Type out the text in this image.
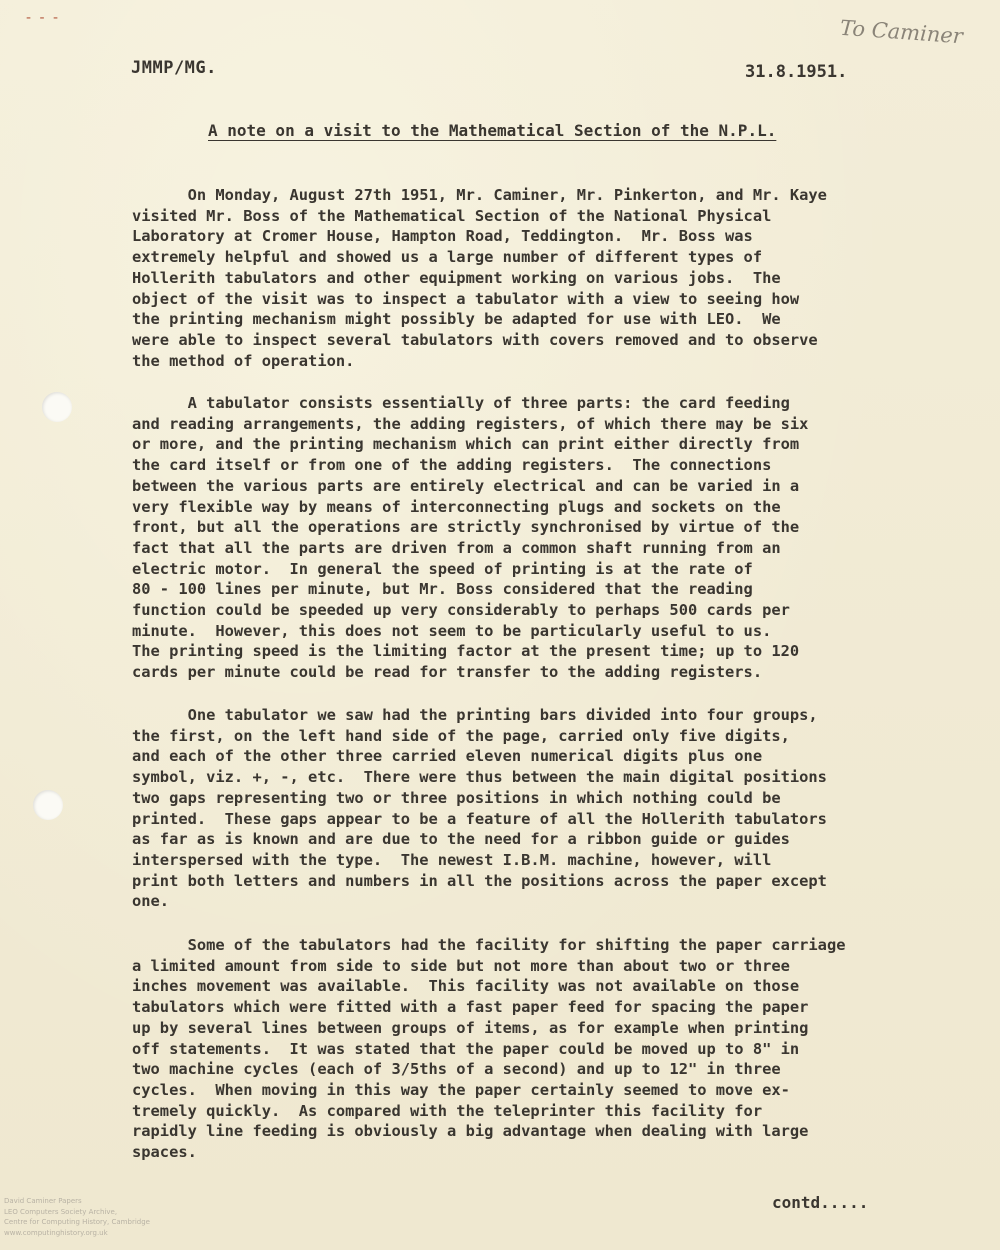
- - -	To Caminer
JMMP/MG.	31.8.1951.
A note on a visit to the Mathematical Section of the N.P.L.

On Monday, August 27th 1951, Mr. Caminer, Mr. Pinkerton, and Mr. Kaye
visited Mr. Boss of the Mathematical Section of the National Physical
Laboratory at Cromer House, Hampton Road, Teddington.  Mr. Boss was
extremely helpful and showed us a large number of different types of
Hollerith tabulators and other equipment working on various jobs.  The
object of the visit was to inspect a tabulator with a view to seeing how
the printing mechanism might possibly be adapted for use with LEO.  We
were able to inspect several tabulators with covers removed and to observe
the method of operation.

A tabulator consists essentially of three parts: the card feeding
and reading arrangements, the adding registers, of which there may be six
or more, and the printing mechanism which can print either directly from
the card itself or from one of the adding registers.  The connections
between the various parts are entirely electrical and can be varied in a
very flexible way by means of interconnecting plugs and sockets on the
front, but all the operations are strictly synchronised by virtue of the
fact that all the parts are driven from a common shaft running from an
electric motor.  In general the speed of printing is at the rate of
80 - 100 lines per minute, but Mr. Boss considered that the reading
function could be speeded up very considerably to perhaps 500 cards per
minute.  However, this does not seem to be particularly useful to us.
The printing speed is the limiting factor at the present time; up to 120
cards per minute could be read for transfer to the adding registers.

One tabulator we saw had the printing bars divided into four groups,
the first, on the left hand side of the page, carried only five digits,
and each of the other three carried eleven numerical digits plus one
symbol, viz. +, -, etc.  There were thus between the main digital positions
two gaps representing two or three positions in which nothing could be
printed.  These gaps appear to be a feature of all the Hollerith tabulators
as far as is known and are due to the need for a ribbon guide or guides
interspersed with the type.  The newest I.B.M. machine, however, will
print both letters and numbers in all the positions across the paper except
one.

Some of the tabulators had the facility for shifting the paper carriage
a limited amount from side to side but not more than about two or three
inches movement was available.  This facility was not available on those
tabulators which were fitted with a fast paper feed for spacing the paper
up by several lines between groups of items, as for example when printing
off statements.  It was stated that the paper could be moved up to 8" in
two machine cycles (each of 3/5ths of a second) and up to 12" in three
cycles.  When moving in this way the paper certainly seemed to move ex-
tremely quickly.  As compared with the teleprinter this facility for
rapidly line feeding is obviously a big advantage when dealing with large
spaces.

contd.....
David Caminer Papers
LEO Computers Society Archive,
Centre for Computing History, Cambridge
www.computinghistory.org.uk
